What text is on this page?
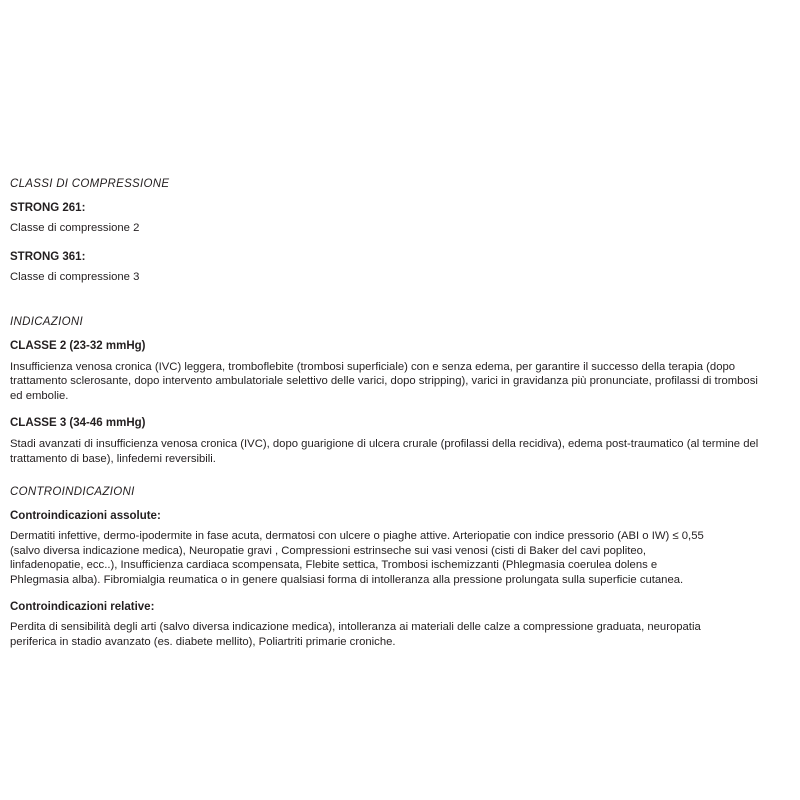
CLASSI DI COMPRESSIONE
STRONG 261:
Classe di compressione 2
STRONG 361:
Classe di compressione 3
INDICAZIONI
CLASSE 2 (23-32 mmHg)
Insufficienza venosa cronica (IVC) leggera, tromboflebite (trombosi superficiale) con e senza edema, per garantire il successo della terapia (dopo trattamento sclerosante, dopo intervento ambulatoriale selettivo delle varici, dopo stripping), varici in gravidanza più pronunciate, profilassi di trombosi ed embolie.
CLASSE 3 (34-46 mmHg)
Stadi avanzati di insufficienza venosa cronica (IVC), dopo guarigione di ulcera crurale (profilassi della recidiva), edema post-traumatico (al termine del trattamento di base), linfedemi reversibili.
CONTROINDICAZIONI
Controindicazioni assolute:
Dermatiti infettive, dermo-ipodermite in fase acuta, dermatosi con ulcere o piaghe attive. Arteriopatie con indice pressorio (ABI o IW) ≤ 0,55 (salvo diversa indicazione medica), Neuropatie gravi , Compressioni estrinseche sui vasi venosi (cisti di Baker del cavi popliteo, linfadenopatie, ecc..), Insufficienza cardiaca scompensata, Flebite settica, Trombosi ischemizzanti (Phlegmasia coerulea dolens e Phlegmasia alba). Fibromialgia reumatica o in genere qualsiasi forma di intolleranza alla pressione prolungata sulla superficie cutanea.
Controindicazioni relative:
Perdita di sensibilità degli arti (salvo diversa indicazione medica), intolleranza ai materiali delle calze a compressione graduata, neuropatia periferica in stadio avanzato (es. diabete mellito), Poliartriti primarie croniche.
